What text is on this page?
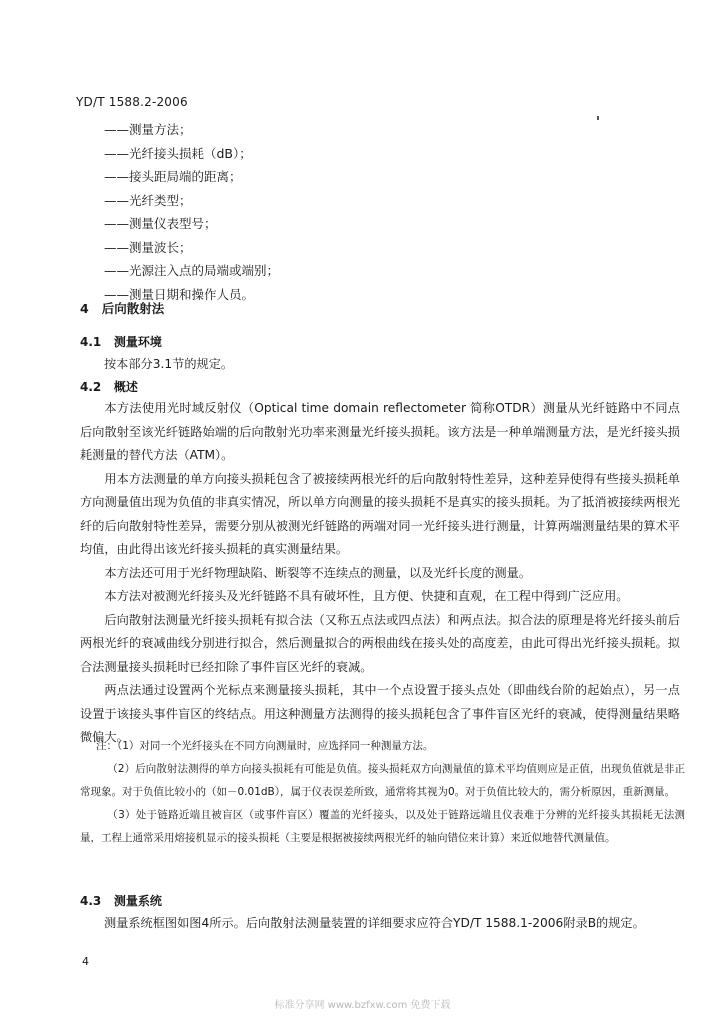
YD/T 1588.2-2006
——测量方法；
——光纤接头损耗（dB）；
——接头距局端的距离；
——光纤类型；
——测量仪表型号；
——测量波长；
——光源注入点的局端或端别；
——测量日期和操作人员。
4 后向散射法
4.1 测量环境
按本部分3.1节的规定。
4.2 概述

本方法使用光时域反射仪（Optical time domain reflectometer 简称OTDR）测量从光纤链路中不同点后向散射至该光纤链路始端的后向散射光功率来测量光纤接头损耗。该方法是一种单端测量方法，是光纤接头损耗测量的替代方法（ATM）。

用本方法测量的单方向接头损耗包含了被接续两根光纤的后向散射特性差异，这种差异使得有些接头损耗单方向测量值出现为负值的非真实情况，所以单方向测量的接头损耗不是真实的接头损耗。为了抵消被接续两根光纤的后向散射特性差异，需要分别从被测光纤链路的两端对同一光纤接头进行测量，计算两端测量结果的算术平均值，由此得出该光纤接头损耗的真实测量结果。

本方法还可用于光纤物理缺陷、断裂等不连续点的测量，以及光纤长度的测量。

本方法对被测光纤接头及光纤链路不具有破坏性，且方便、快捷和直观，在工程中得到广泛应用。

后向散射法测量光纤接头损耗有拟合法（又称五点法或四点法）和两点法。拟合法的原理是将光纤接头前后两根光纤的衰减曲线分别进行拟合，然后测量拟合的两根曲线在接头处的高度差，由此可得出光纤接头损耗。拟合法测量接头损耗时已经扣除了事件盲区光纤的衰减。

两点法通过设置两个光标点来测量接头损耗，其中一个点设置于接头点处（即曲线台阶的起始点），另一点设置于该接头事件盲区的终结点。用这种测量方法测得的接头损耗包含了事件盲区光纤的衰减，使得测量结果略微偏大。

注：（1）对同一个光纤接头在不同方向测量时，应选择同一种测量方法。

（2）后向散射法测得的单方向接头损耗有可能是负值。接头损耗双方向测量值的算术平均值则应是正值，出现负值就是非正常现象。对于负值比较小的（如－0.01dB），属于仪表误差所致，通常将其视为0。对于负值比较大的，需分析原因，重新测量。

（3）处于链路近端且被盲区（或事件盲区）覆盖的光纤接头，以及处于链路远端且仪表难于分辨的光纤接头其损耗无法测量，工程上通常采用熔接机显示的接头损耗（主要是根据被接续两根光纤的轴向错位来计算）来近似地替代测量值。

4.3 测量系统
测量系统框图如图4所示。后向散射法测量装置的详细要求应符合YD/T 1588.1-2006附录B的规定。
4
标准分享网 www.bzfxw.com 免费下载
